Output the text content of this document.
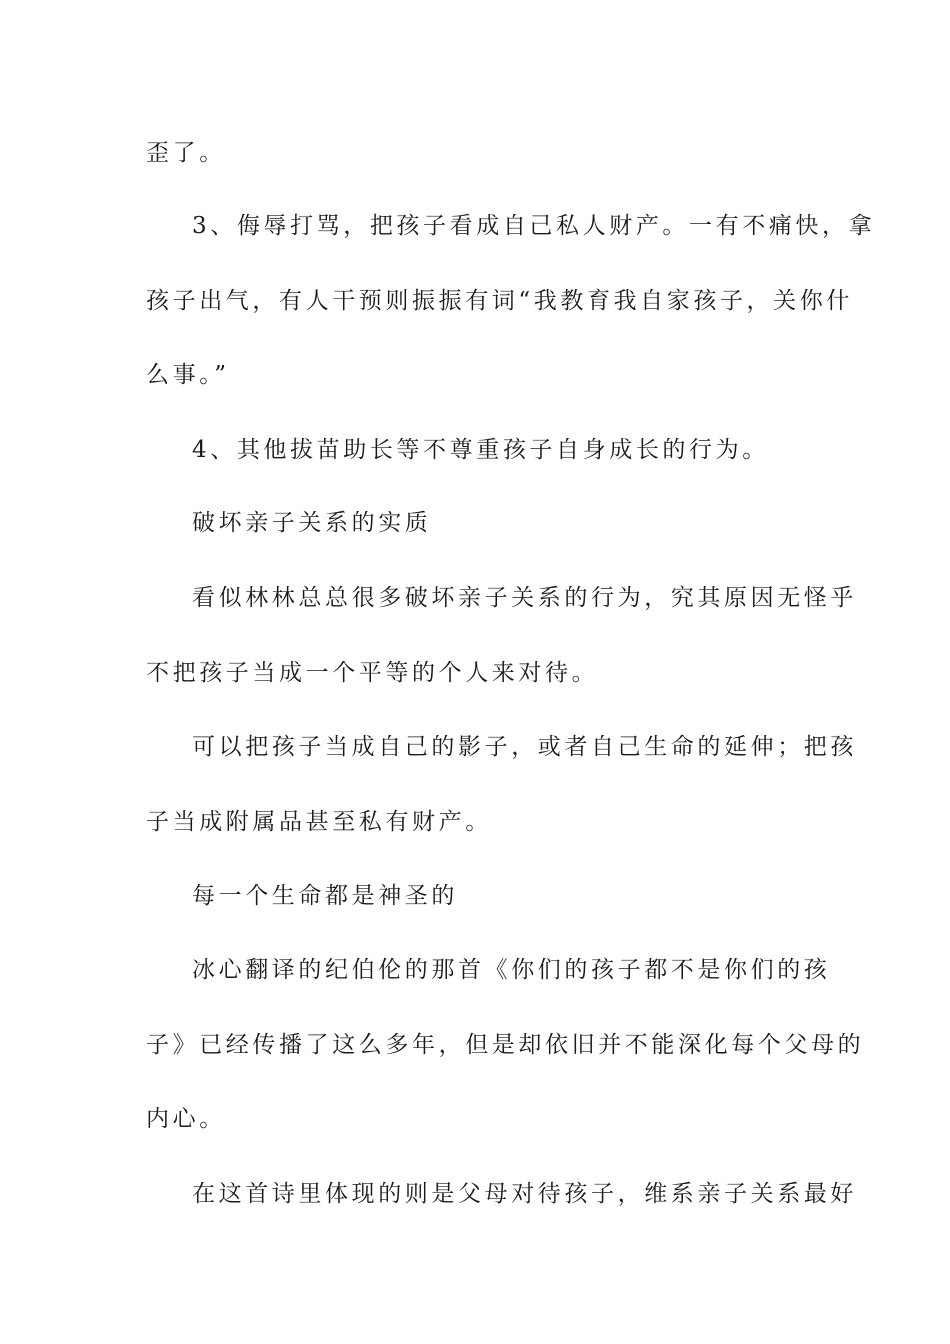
歪了。
3、侮辱打骂，把孩子看成自己私人财产。一有不痛快，拿
孩子出气，有人干预则振振有词“我教育我自家孩子，关你什
么事。”
4、其他拔苗助长等不尊重孩子自身成长的行为。
破坏亲子关系的实质
看似林林总总很多破坏亲子关系的行为，究其原因无怪乎
不把孩子当成一个平等的个人来对待。
可以把孩子当成自己的影子，或者自己生命的延伸；把孩
子当成附属品甚至私有财产。
每一个生命都是神圣的
冰心翻译的纪伯伦的那首《你们的孩子都不是你们的孩
子》已经传播了这么多年，但是却依旧并不能深化每个父母的
内心。
在这首诗里体现的则是父母对待孩子，维系亲子关系最好
